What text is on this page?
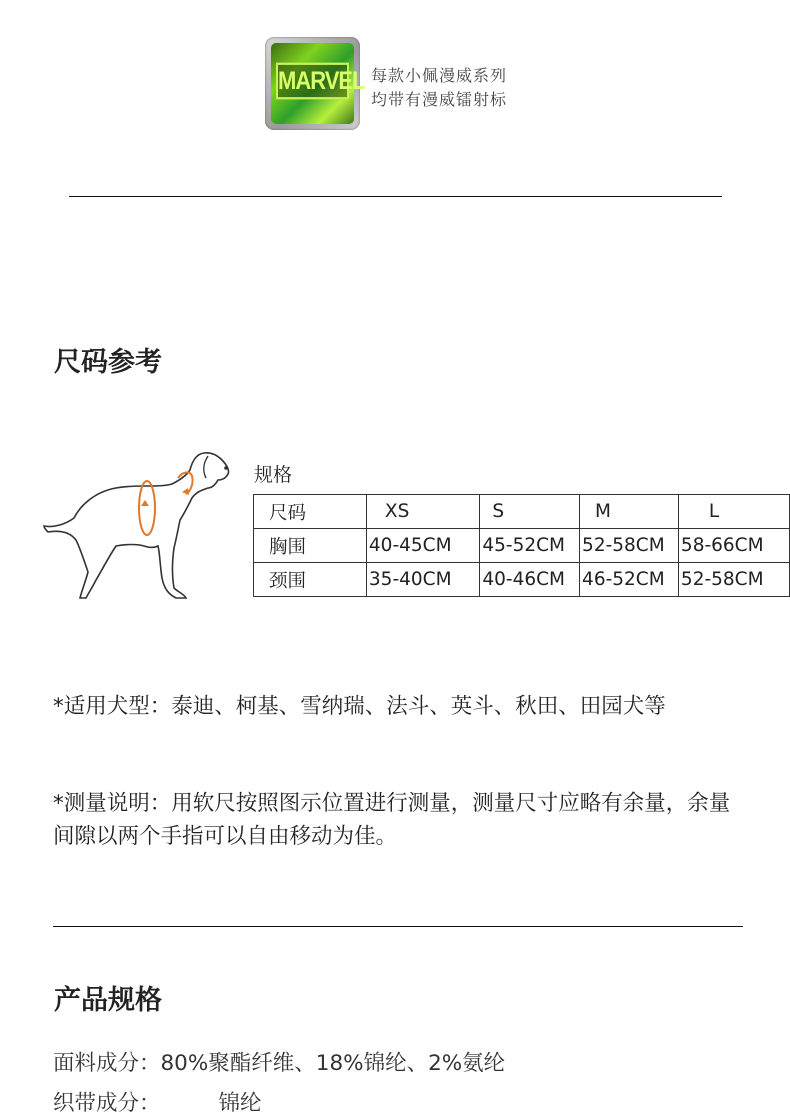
MARVEL 每款小佩漫威系列
均带有漫威镭射标
尺码参考
规格
尺码	XS	S	M	L
胸围	40-45CM	45-52CM	52-58CM	58-66CM
颈围	35-40CM	40-46CM	46-52CM	52-58CM
*适用犬型：泰迪、柯基、雪纳瑞、法斗、英斗、秋田、田园犬等
*测量说明：用软尺按照图示位置进行测量，测量尺寸应略有余量，余量间隙以两个手指可以自由移动为佳。
产品规格
面料成分：80%聚酯纤维、18%锦纶、2%氨纶
织带成分：	锦纶
